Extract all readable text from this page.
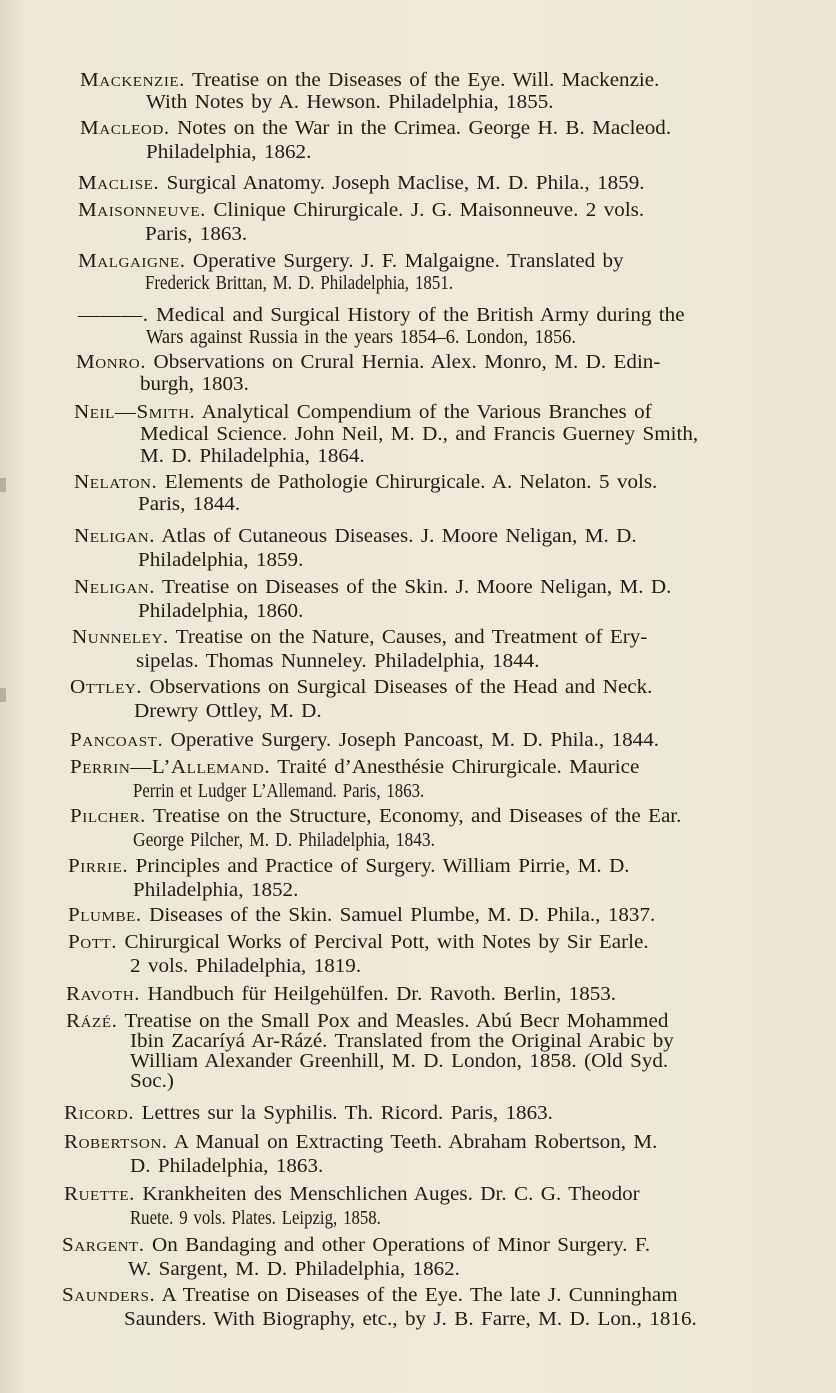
Mackenzie. Treatise on the Diseases of the Eye. Will. Mackenzie.
With Notes by A. Hewson. Philadelphia, 1855.
Macleod. Notes on the War in the Crimea. George H. B. Macleod.
Philadelphia, 1862.
Maclise. Surgical Anatomy. Joseph Maclise, M. D. Phila., 1859.
Maisonneuve. Clinique Chirurgicale. J. G. Maisonneuve. 2 vols.
Paris, 1863.
Malgaigne. Operative Surgery. J. F. Malgaigne. Translated by
Frederick Brittan, M. D. Philadelphia, 1851.
———. Medical and Surgical History of the British Army during the
Wars against Russia in the years 1854–6. London, 1856.
Monro. Observations on Crural Hernia. Alex. Monro, M. D. Edin-
burgh, 1803.
Neil—Smith. Analytical Compendium of the Various Branches of
Medical Science. John Neil, M. D., and Francis Guerney Smith,
M. D. Philadelphia, 1864.
Nelaton. Elements de Pathologie Chirurgicale. A. Nelaton. 5 vols.
Paris, 1844.
Neligan. Atlas of Cutaneous Diseases. J. Moore Neligan, M. D.
Philadelphia, 1859.
Neligan. Treatise on Diseases of the Skin. J. Moore Neligan, M. D.
Philadelphia, 1860.
Nunneley. Treatise on the Nature, Causes, and Treatment of Ery-
sipelas. Thomas Nunneley. Philadelphia, 1844.
Ottley. Observations on Surgical Diseases of the Head and Neck.
Drewry Ottley, M. D.
Pancoast. Operative Surgery. Joseph Pancoast, M. D. Phila., 1844.
Perrin—L’Allemand. Traité d’Anesthésie Chirurgicale. Maurice
Perrin et Ludger L’Allemand. Paris, 1863.
Pilcher. Treatise on the Structure, Economy, and Diseases of the Ear.
George Pilcher, M. D. Philadelphia, 1843.
Pirrie. Principles and Practice of Surgery. William Pirrie, M. D.
Philadelphia, 1852.
Plumbe. Diseases of the Skin. Samuel Plumbe, M. D. Phila., 1837.
Pott. Chirurgical Works of Percival Pott, with Notes by Sir Earle.
2 vols. Philadelphia, 1819.
Ravoth. Handbuch für Heilgehülfen. Dr. Ravoth. Berlin, 1853.
Rázé. Treatise on the Small Pox and Measles. Abú Becr Mohammed
Ibin Zacaríyá Ar-Rázé. Translated from the Original Arabic by
William Alexander Greenhill, M. D. London, 1858. (Old Syd.
Soc.)
Ricord. Lettres sur la Syphilis. Th. Ricord. Paris, 1863.
Robertson. A Manual on Extracting Teeth. Abraham Robertson, M.
D. Philadelphia, 1863.
Ruette. Krankheiten des Menschlichen Auges. Dr. C. G. Theodor
Ruete. 9 vols. Plates. Leipzig, 1858.
Sargent. On Bandaging and other Operations of Minor Surgery. F.
W. Sargent, M. D. Philadelphia, 1862.
Saunders. A Treatise on Diseases of the Eye. The late J. Cunningham
Saunders. With Biography, etc., by J. B. Farre, M. D. Lon., 1816.
